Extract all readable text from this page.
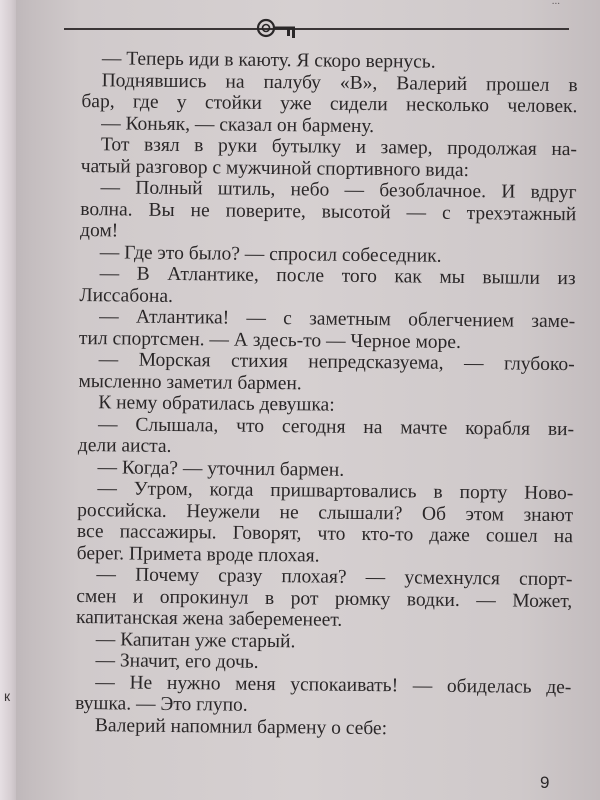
...
— Теперь иди в каюту. Я скоро вернусь.
Поднявшись на палубу «В», Валерий прошел в
бар, где у стойки уже сидели несколько человек.
— Коньяк, — сказал он бармену.
Тот взял в руки бутылку и замер, продолжая на-
чатый разговор с мужчиной спортивного вида:
— Полный штиль, небо — безоблачное. И вдруг
волна. Вы не поверите, высотой — с трехэтажный
дом!
— Где это было? — спросил собеседник.
— В Атлантике, после того как мы вышли из
Лиссабона.
— Атлантика! — с заметным облегчением заме-
тил спортсмен. — А здесь-то — Черное море.
— Морская стихия непредсказуема, — глубоко-
мысленно заметил бармен.
К нему обратилась девушка:
— Слышала, что сегодня на мачте корабля ви-
дели аиста.
— Когда? — уточнил бармен.
— Утром, когда пришвартовались в порту Ново-
российска. Неужели не слышали? Об этом знают
все пассажиры. Говорят, что кто-то даже сошел на
берег. Примета вроде плохая.
— Почему сразу плохая? — усмехнулся спорт-
смен и опрокинул в рот рюмку водки. — Может,
капитанская жена забеременеет.
— Капитан уже старый.
— Значит, его дочь.
— Не нужно меня успокаивать! — обиделась де-
вушка. — Это глупо.
Валерий напомнил бармену о себе:
к
9
